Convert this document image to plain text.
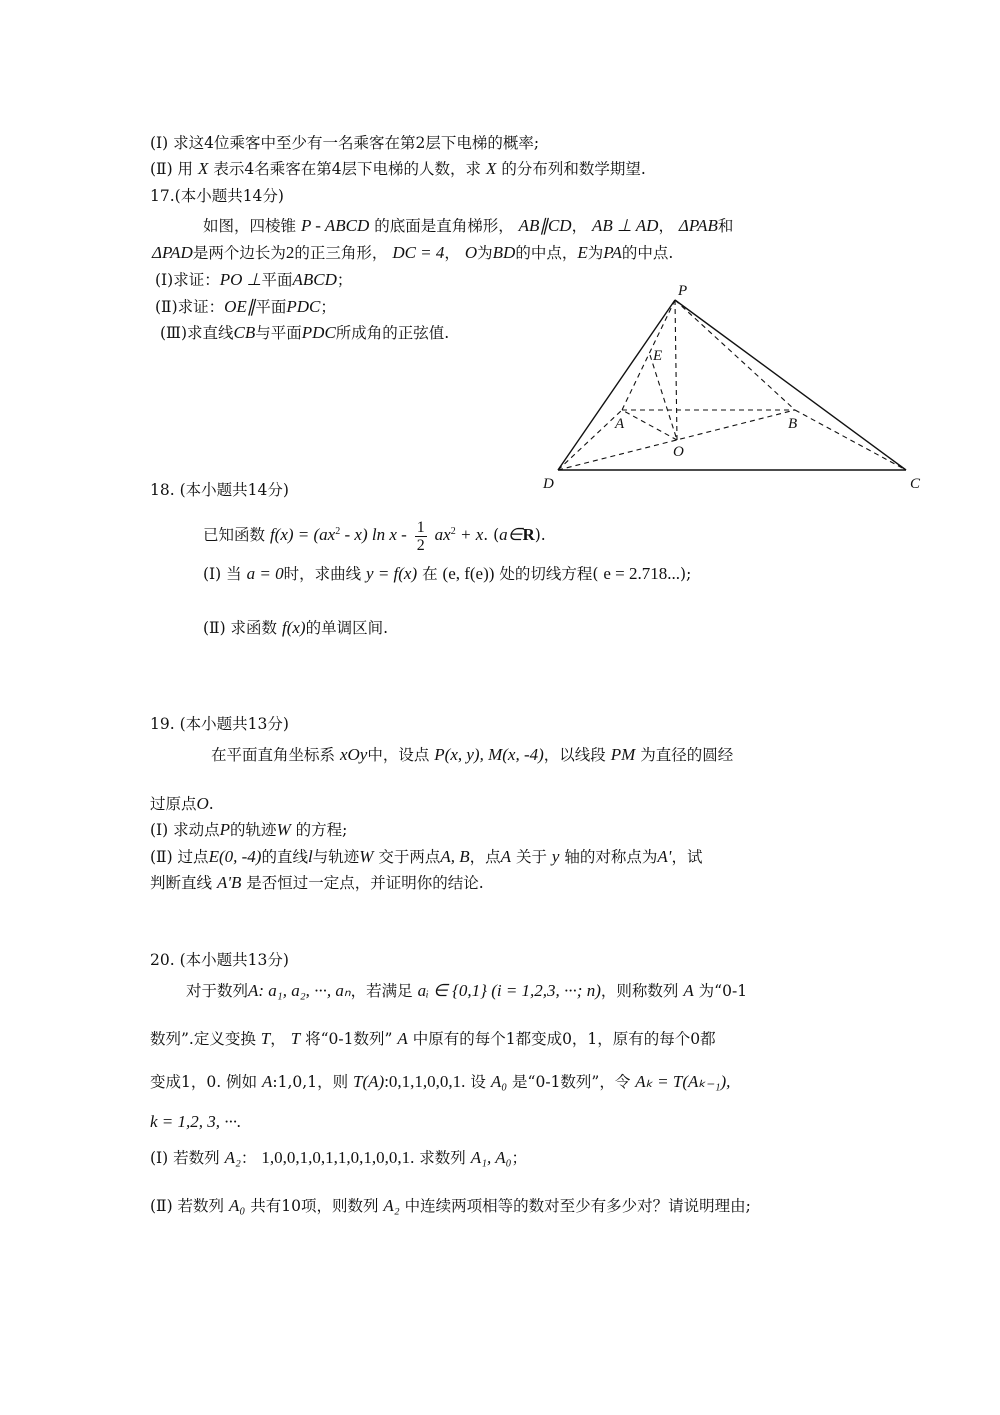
(Ⅰ) 求这4位乘客中至少有一名乘客在第2层下电梯的概率;
(Ⅱ) 用 X 表示4名乘客在第4层下电梯的人数，求 X 的分布列和数学期望.
17.(本小题共14分)
如图，四棱锥 P - ABCD 的底面是直角梯形， AB∥CD， AB ⊥ AD， ΔPAB和
ΔPAD是两个边长为2的正三角形， DC = 4， O为BD的中点，E为PA的中点.
(Ⅰ)求证：PO ⊥平面ABCD；
(Ⅱ)求证：OE∥平面PDC；
(Ⅲ)求直线CB与平面PDC所成角的正弦值.
P
E
A	B
O
D	C
18. (本小题共14分)
已知函数 $f(x) = (ax^2 - x)$ $\ln x - \frac{1}{2} ax^2 + x$. (a∈R).
(Ⅰ) 当 a = 0时，求曲线 y = f(x) 在 (e, f(e)) 处的切线方程( e = 2.718...);
(Ⅱ) 求函数 f(x)的单调区间.
19. (本小题共13分)
在平面直角坐标系 xOy中，设点 P(x, y), M(x, -4)，以线段 PM 为直径的圆经
过原点O.
(Ⅰ) 求动点P的轨迹W 的方程;
(Ⅱ) 过点E(0, -4)的直线l与轨迹W 交于两点A, B，点A 关于 y 轴的对称点为A'，试
判断直线 A'B 是否恒过一定点，并证明你的结论.
20. (本小题共13分)
对于数列A: a₁, a₂, ···, aₙ，若满足 aᵢ ∈ {0,1} (i = 1,2,3, ···; n)，则称数列 A 为“0-1
数列”.定义变换 T， T 将“0-1数列” A 中原有的每个1都变成0，1，原有的每个0都
变成1，0. 例如 A:1,0,1，则 T(A):0,1,1,0,0,1. 设 A₀ 是“0-1数列”，令 Aₖ = T(Aₖ₋₁),
k = 1,2, 3, ···.
(Ⅰ) 若数列 A₂： 1,0,0,1,0,1,1,0,1,0,0,1. 求数列 A₁, A₀；
(Ⅱ) 若数列 A₀ 共有10项，则数列 A₂ 中连续两项相等的数对至少有多少对？请说明理由;
